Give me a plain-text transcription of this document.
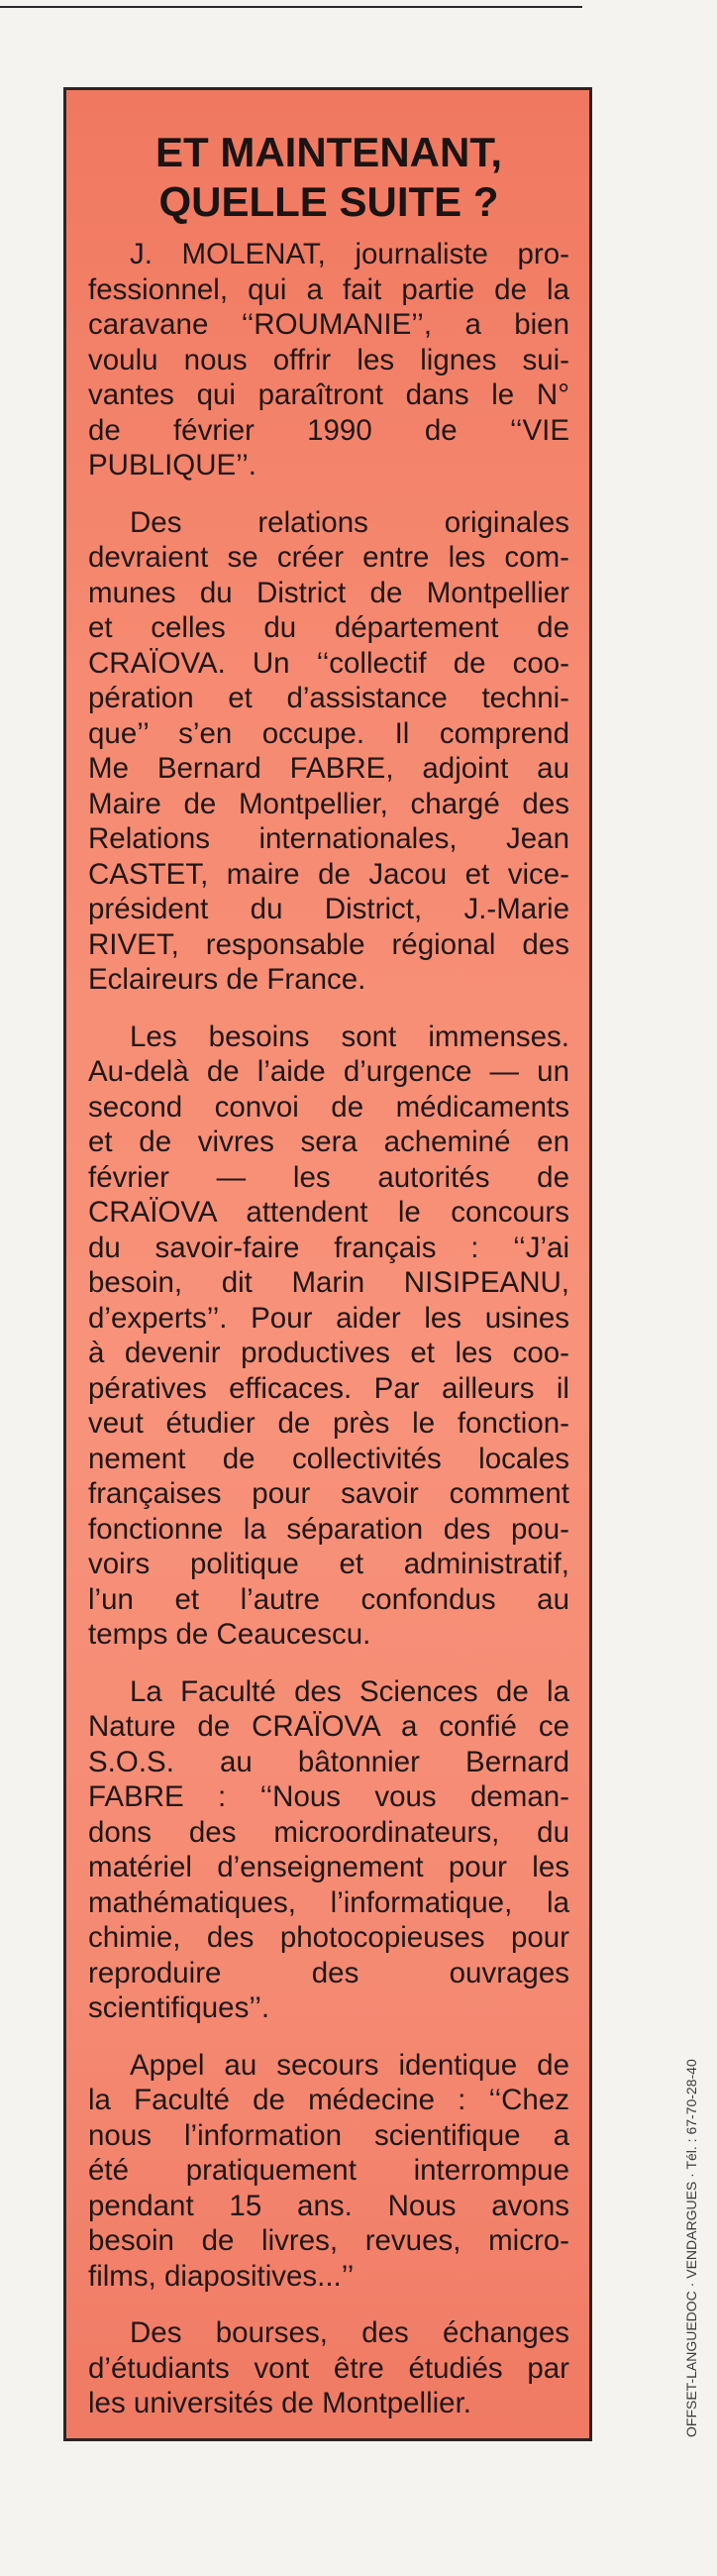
ET MAINTENANT,
QUELLE SUITE ?
J. MOLENAT, journaliste pro-
fessionnel, qui a fait partie de la
caravane ‘‘ROUMANIE’’, a bien
voulu nous offrir les lignes sui-
vantes qui paraîtront dans le N°
de février 1990 de ‘‘VIE
PUBLIQUE’’.
Des relations originales
devraient se créer entre les com-
munes du District de Montpellier
et celles du département de
CRAÏOVA. Un ‘‘collectif de coo-
pération et d’assistance techni-
que’’ s’en occupe. Il comprend
Me Bernard FABRE, adjoint au
Maire de Montpellier, chargé des
Relations internationales, Jean
CASTET, maire de Jacou et vice-
président du District, J.-Marie
RIVET, responsable régional des
Eclaireurs de France.
Les besoins sont immenses.
Au-delà de l’aide d’urgence — un
second convoi de médicaments
et de vivres sera acheminé en
février — les autorités de
CRAÏOVA attendent le concours
du savoir-faire français : ‘‘J’ai
besoin, dit Marin NISIPEANU,
d’experts’’. Pour aider les usines
à devenir productives et les coo-
pératives efficaces. Par ailleurs il
veut étudier de près le fonction-
nement de collectivités locales
françaises pour savoir comment
fonctionne la séparation des pou-
voirs politique et administratif,
l’un et l’autre confondus au
temps de Ceaucescu.
La Faculté des Sciences de la
Nature de CRAÏOVA a confié ce
S.O.S. au bâtonnier Bernard
FABRE : ‘‘Nous vous deman-
dons des microordinateurs, du
matériel d’enseignement pour les
mathématiques, l’informatique, la
chimie, des photocopieuses pour
reproduire des ouvrages
scientifiques’’.
Appel au secours identique de
la Faculté de médecine : ‘‘Chez
nous l’information scientifique a
été pratiquement interrompue
pendant 15 ans. Nous avons
besoin de livres, revues, micro-
films, diapositives...’’
Des bourses, des échanges
d’étudiants vont être étudiés par
les universités de Montpellier.	OFFSET-LANGUEDOC · VENDARGUES · Tél. : 67-70-28-40
